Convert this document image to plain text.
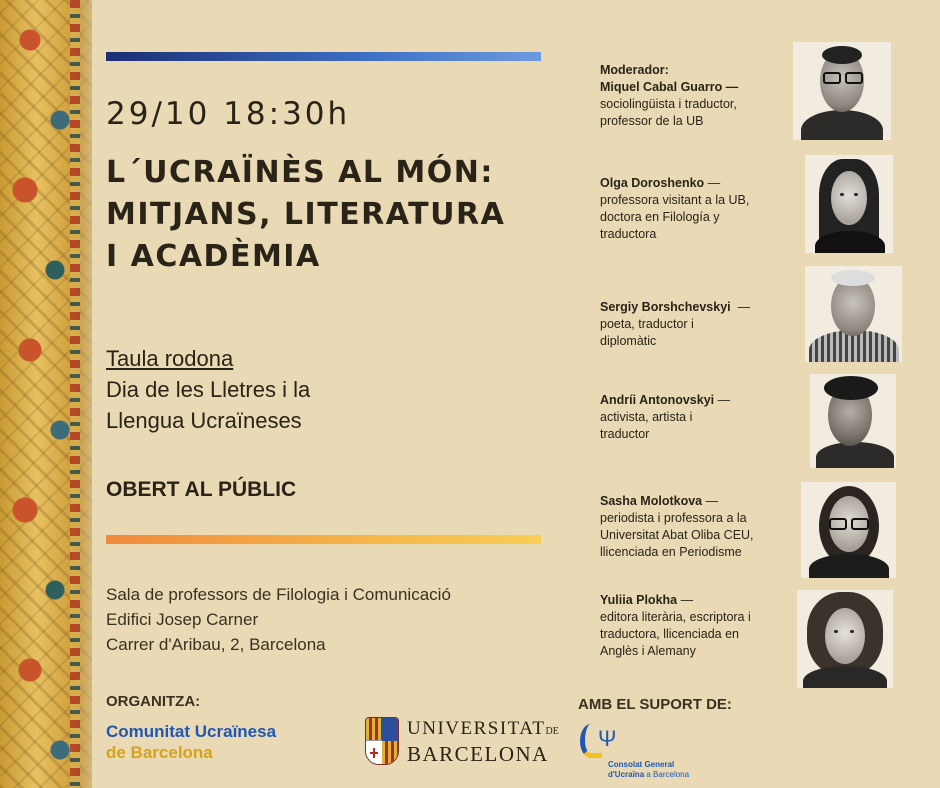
29/10 18:30h
L´UCRAÏNÈS AL MÓN:
MITJANS, LITERATURA
I ACADÈMIA
Taula rodona
Dia de les Lletres i la
Llengua Ucraïneses
OBERT AL PÚBLIC
Sala de professors de Filologia i Comunicació
Edifici Josep Carner
Carrer d'Aribau, 2, Barcelona
ORGANITZA:
Comunitat Ucraïnesa
de Barcelona
UNIVERSITATDE
BARCELONA
AMB EL SUPORT DE:
Ψ
Consolat General
d'Ucraïna a Barcelona
Moderador:
Miquel Cabal Guarro —
sociolingüista i traductor,
professor de la UB
Olga Doroshenko —
professora visitant a la UB,
doctora en Filología y
traductora
Sergiy Borshchevskyi  —
poeta, traductor i
diplomàtic
Andríi Antonovskyi —
activista, artista i
traductor
Sasha Molotkova —
periodista i professora a la
Universitat Abat Oliba CEU,
llicenciada en Periodisme
Yuliia Plokha —
editora literària, escriptora i
traductora, llicenciada en
Anglès i Alemany
